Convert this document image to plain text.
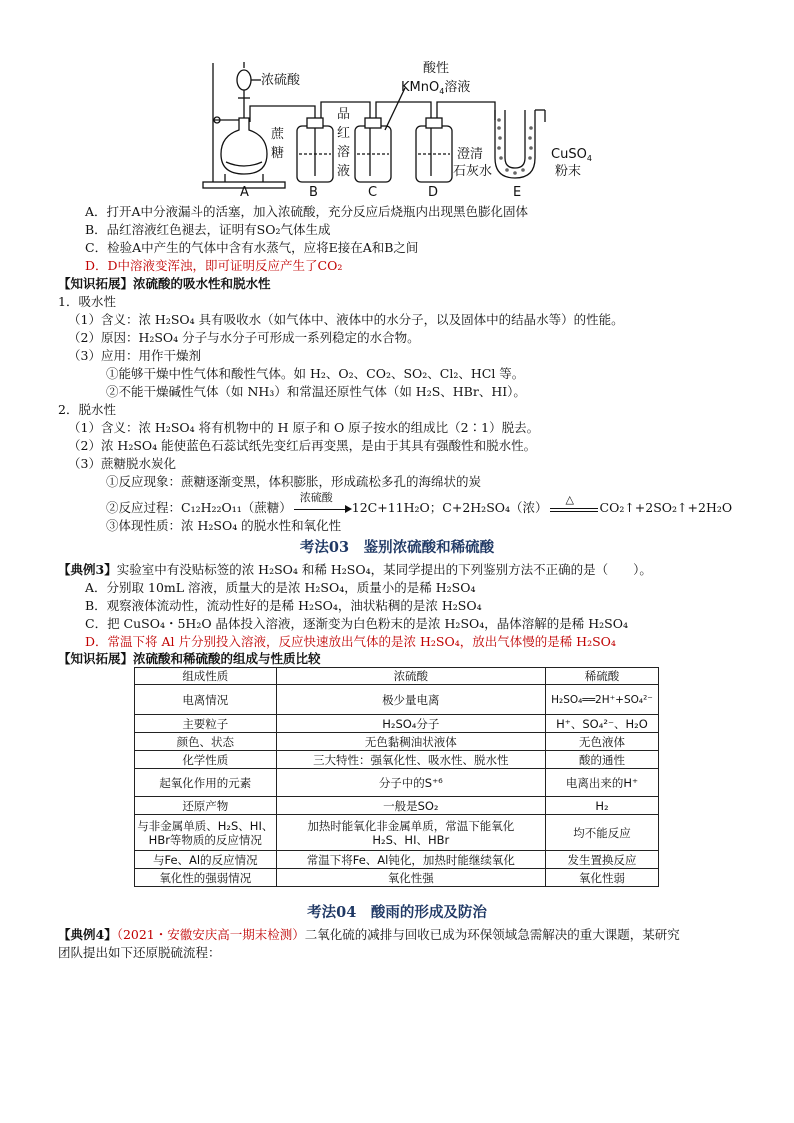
浓硫酸
酸性
KMnO$_4$溶液
蔗
糖
品
红
溶
液
澄清
石灰水
CuSO$_4$
粉末
A	B	C	D	E
A．打开A中分液漏斗的活塞，加入浓硫酸，充分反应后烧瓶内出现黑色膨化固体
B．品红溶液红色褪去，证明有SO₂气体生成
C．检验A中产生的气体中含有水蒸气，应将E接在A和B之间
D．D中溶液变浑浊，即可证明反应产生了CO₂
【知识拓展】浓硫酸的吸水性和脱水性
1．吸水性
（1）含义：浓 H₂SO₄ 具有吸收水（如气体中、液体中的水分子，以及固体中的结晶水等）的性能。
（2）原因：H₂SO₄ 分子与水分子可形成一系列稳定的水合物。
（3）应用：用作干燥剂
①能够干燥中性气体和酸性气体。如 H₂、O₂、CO₂、SO₂、Cl₂、HCl 等。
②不能干燥碱性气体（如 NH₃）和常温还原性气体（如 H₂S、HBr、HI）。
2．脱水性
（1）含义：浓 H₂SO₄ 将有机物中的 H 原子和 O 原子按水的组成比（2∶1）脱去。
（2）浓 H₂SO₄ 能使蓝色石蕊试纸先变红后再变黑，是由于其具有强酸性和脱水性。
（3）蔗糖脱水炭化
①反应现象：蔗糖逐渐变黑，体积膨胀，形成疏松多孔的海绵状的炭
②反应过程：C₁₂H₂₂O₁₁（蔗糖）
浓硫酸
12C+11H₂O；C+2H₂SO₄（浓）
△
CO₂↑+2SO₂↑+2H₂O
③体现性质：浓 H₂SO₄ 的脱水性和氧化性
考法03　鉴别浓硫酸和稀硫酸
【典例3】实验室中有没贴标签的浓 H₂SO₄ 和稀 H₂SO₄，某同学提出的下列鉴别方法不正确的是（　　）。
A．分别取 10mL 溶液，质量大的是浓 H₂SO₄，质量小的是稀 H₂SO₄
B．观察液体流动性，流动性好的是稀 H₂SO₄，油状粘稠的是浓 H₂SO₄
C．把 CuSO₄・5H₂O 晶体投入溶液，逐渐变为白色粉末的是浓 H₂SO₄，晶体溶解的是稀 H₂SO₄
D．常温下将 Al 片分别投入溶液，反应快速放出气体的是浓 H₂SO₄，放出气体慢的是稀 H₂SO₄
【知识拓展】浓硫酸和稀硫酸的组成与性质比较
组成性质	浓硫酸	稀硫酸
电离情况	极少量电离	H₂SO₄══2H⁺+SO₄²⁻
主要粒子	H₂SO₄分子	H⁺、SO₄²⁻、H₂O
颜色、状态	无色黏稠油状液体	无色液体
化学性质	三大特性：强氧化性、吸水性、脱水性	酸的通性
起氧化作用的元素	分子中的S⁺⁶	电离出来的H⁺
还原产物	一般是SO₂	H₂
与非金属单质、H₂S、HI、HBr等物质的反应情况	加热时能氧化非金属单质，常温下能氧化H₂S、HI、HBr	均不能反应
与Fe、Al的反应情况	常温下将Fe、Al钝化，加热时能继续氧化	发生置换反应
氧化性的强弱情况	氧化性强	氧化性弱
考法04　酸雨的形成及防治
【典例4】（2021・安徽安庆高一期末检测）二氧化硫的减排与回收已成为环保领域急需解决的重大课题，某研究
团队提出如下还原脱硫流程：
